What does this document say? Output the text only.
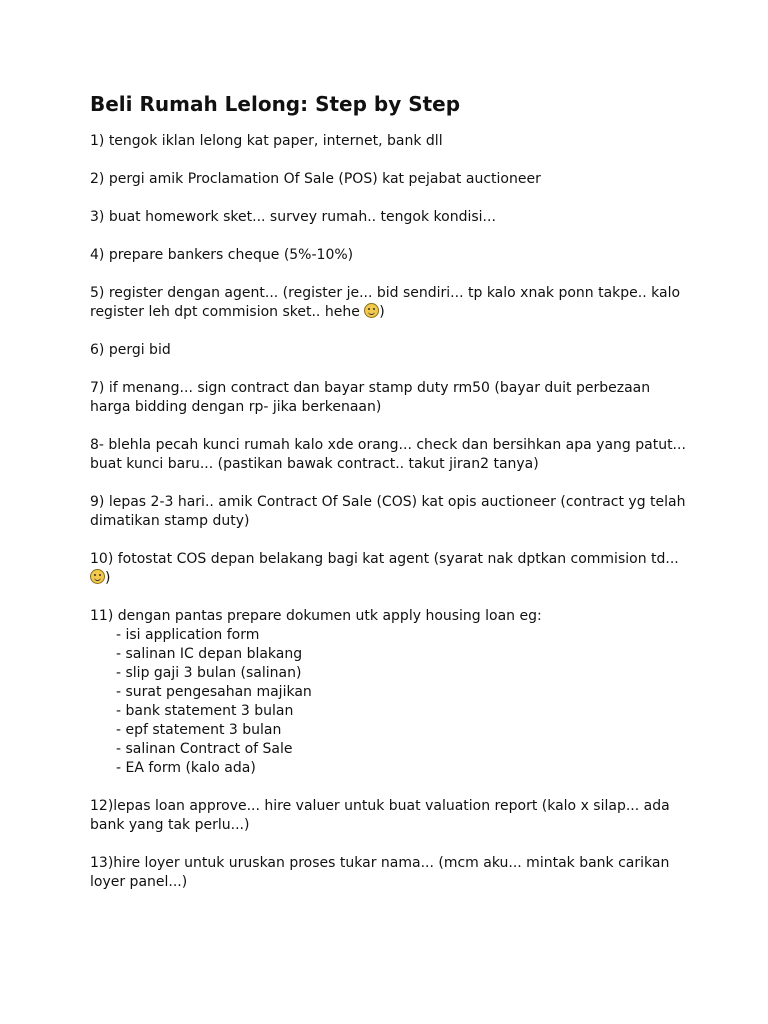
Beli Rumah Lelong: Step by Step

1) tengok iklan lelong kat paper, internet, bank dll

2) pergi amik Proclamation Of Sale (POS) kat pejabat auctioneer

3) buat homework sket... survey rumah.. tengok kondisi...

4) prepare bankers cheque (5%-10%)

5) register dengan agent... (register je... bid sendiri... tp kalo xnak ponn takpe.. kalo register leh dpt commision sket.. hehe
)

6) pergi bid

7) if menang... sign contract dan bayar stamp duty rm50 (bayar duit perbezaan harga bidding dengan rp- jika berkenaan)

8- blehla pecah kunci rumah kalo xde orang... check dan bersihkan apa yang patut... buat kunci baru... (pastikan bawak contract.. takut jiran2 tanya)

9) lepas 2-3 hari.. amik Contract Of Sale (COS) kat opis auctioneer (contract yg telah dimatikan stamp duty)

10) fotostat COS depan belakang bagi kat agent (syarat nak dptkan commision td...
)

11) dengan pantas prepare dokumen utk apply housing loan eg:
- isi application form
- salinan IC depan blakang
- slip gaji 3 bulan (salinan)
- surat pengesahan majikan
- bank statement 3 bulan
- epf statement 3 bulan
- salinan Contract of Sale
- EA form (kalo ada)

12)lepas loan approve... hire valuer untuk buat valuation report (kalo x silap... ada bank yang tak perlu...)

13)hire loyer untuk uruskan proses tukar nama... (mcm aku... mintak bank carikan loyer panel...)
